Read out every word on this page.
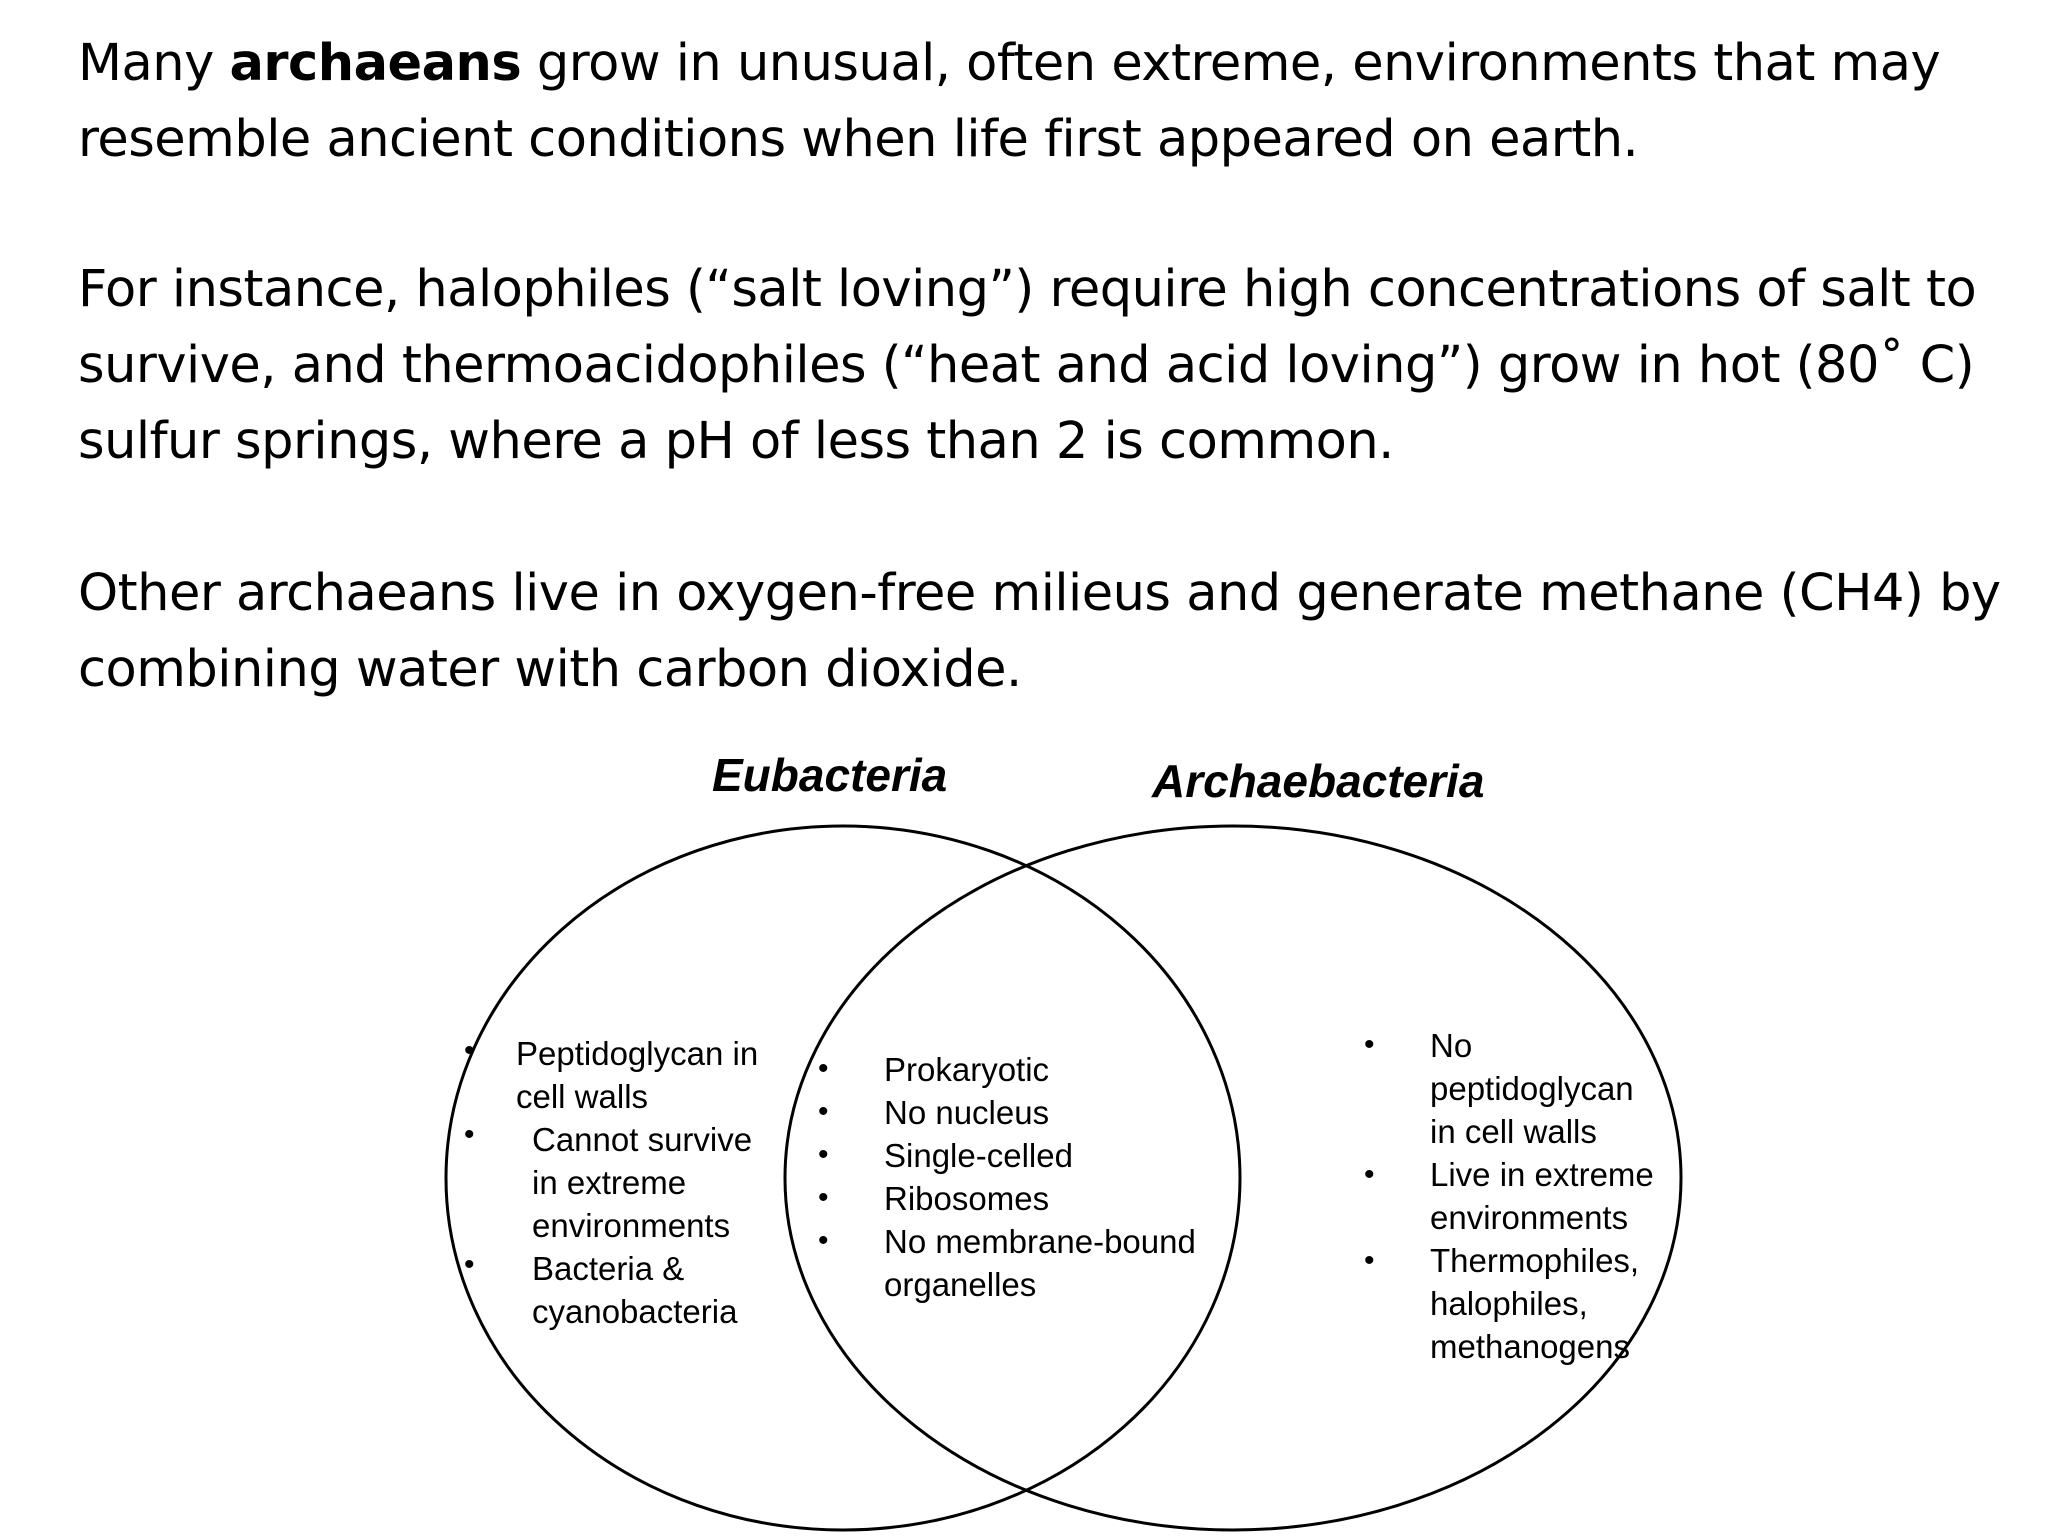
Many archaeans grow in unusual, often extreme, environments that may resemble ancient conditions when life first appeared on earth.

For instance, halophiles (“salt loving”) require high concentrations of salt to survive, and thermoacidophiles (“heat and acid loving”) grow in hot (80˚ C) sulfur springs, where a pH of less than 2 is common.

Other archaeans live in oxygen-free milieus and generate methane (CH4) by combining water with carbon dioxide.

Eubacteria	Archaebacteria
•
•
•

Peptidoglycan in

cell walls

Cannot survive

in extreme

environments

Bacteria &

cyanobacteria

•
•
•
•
•

Prokaryotic

No nucleus

Single-celled

Ribosomes

No membrane-bound

organelles

•
•
•

No

peptidoglycan

in cell walls

Live in extreme

environments

Thermophiles,

halophiles,

methanogens
